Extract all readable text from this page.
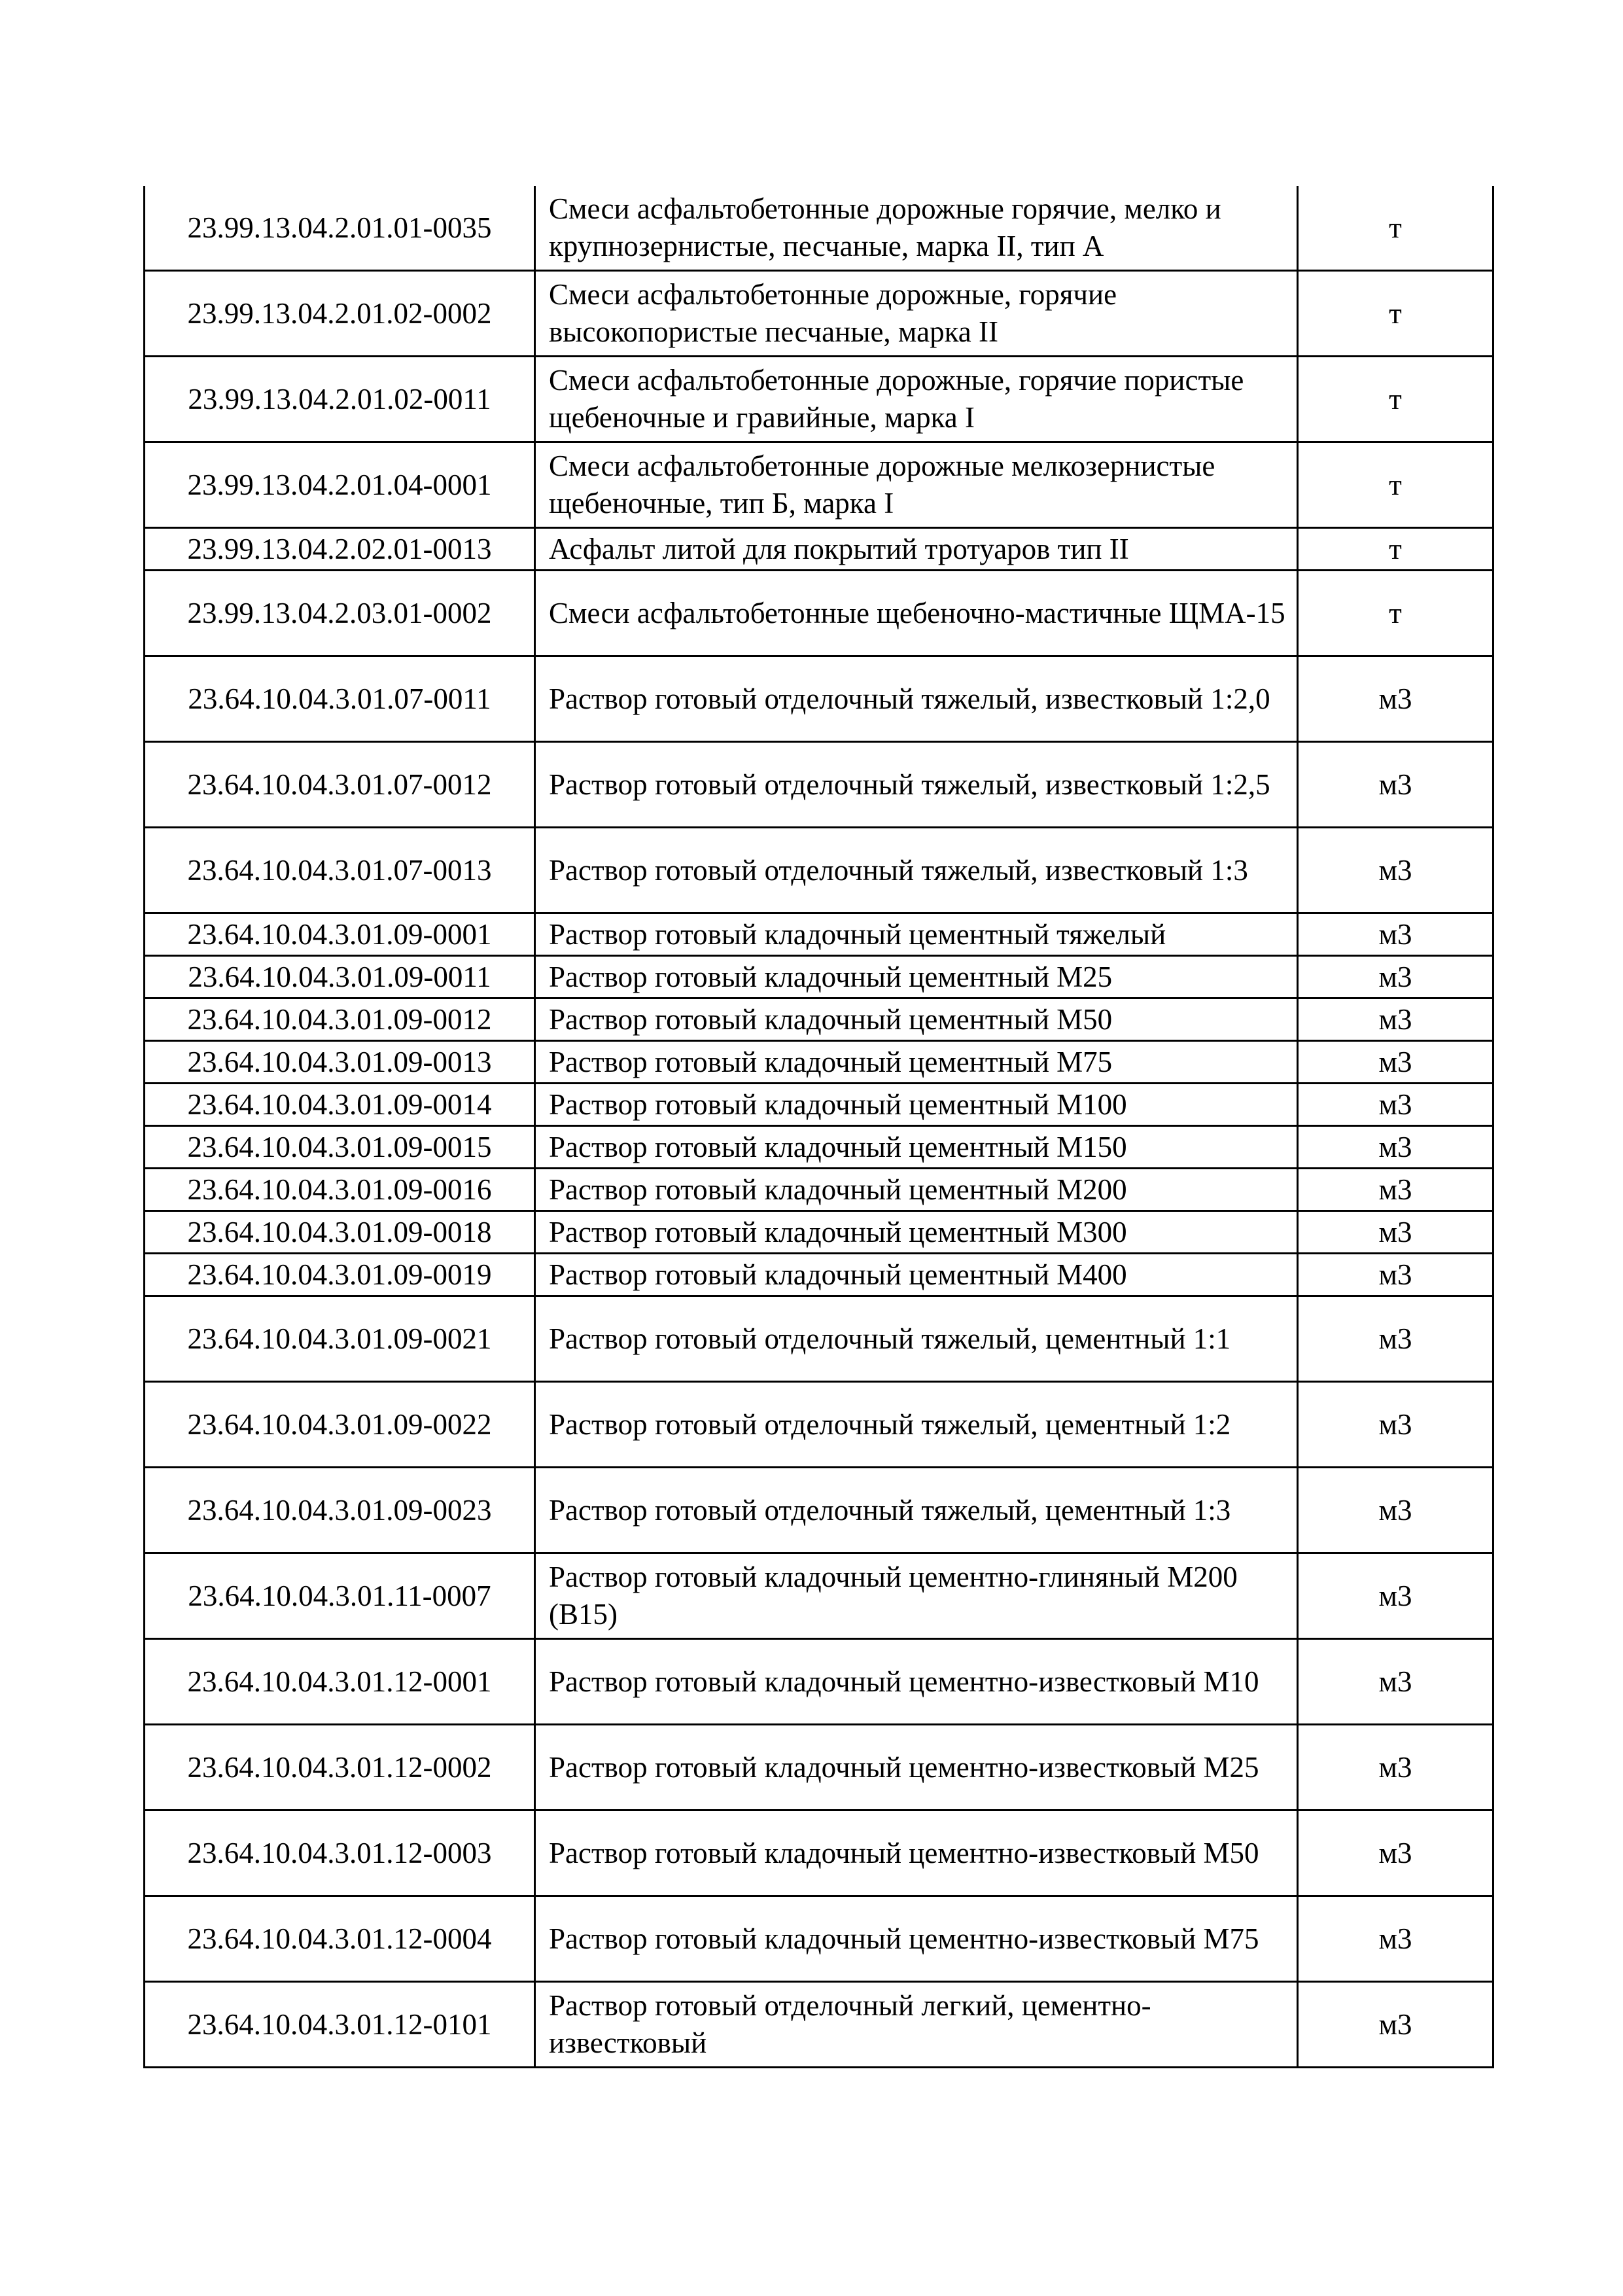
23.99.13.04.2.01.01-0035	Смеси асфальтобетонные дорожные горячие, мелко и крупнозернистые, песчаные, марка II, тип А	т
23.99.13.04.2.01.02-0002	Смеси асфальтобетонные дорожные, горячие высокопористые песчаные, марка II	т
23.99.13.04.2.01.02-0011	Смеси асфальтобетонные дорожные, горячие пористые щебеночные и гравийные, марка I	т
23.99.13.04.2.01.04-0001	Смеси асфальтобетонные дорожные мелкозернистые щебеночные, тип Б, марка I	т
23.99.13.04.2.02.01-0013	Асфальт литой для покрытий тротуаров тип II	т
23.99.13.04.2.03.01-0002	Смеси асфальтобетонные щебеночно-мастичные ЩМА-15	т
23.64.10.04.3.01.07-0011	Раствор готовый отделочный тяжелый, известковый 1:2,0	м3
23.64.10.04.3.01.07-0012	Раствор готовый отделочный тяжелый, известковый 1:2,5	м3
23.64.10.04.3.01.07-0013	Раствор готовый отделочный тяжелый, известковый 1:3	м3
23.64.10.04.3.01.09-0001	Раствор готовый кладочный цементный тяжелый	м3
23.64.10.04.3.01.09-0011	Раствор готовый кладочный цементный М25	м3
23.64.10.04.3.01.09-0012	Раствор готовый кладочный цементный М50	м3
23.64.10.04.3.01.09-0013	Раствор готовый кладочный цементный М75	м3
23.64.10.04.3.01.09-0014	Раствор готовый кладочный цементный М100	м3
23.64.10.04.3.01.09-0015	Раствор готовый кладочный цементный М150	м3
23.64.10.04.3.01.09-0016	Раствор готовый кладочный цементный М200	м3
23.64.10.04.3.01.09-0018	Раствор готовый кладочный цементный М300	м3
23.64.10.04.3.01.09-0019	Раствор готовый кладочный цементный М400	м3
23.64.10.04.3.01.09-0021	Раствор готовый отделочный тяжелый, цементный 1:1	м3
23.64.10.04.3.01.09-0022	Раствор готовый отделочный тяжелый, цементный 1:2	м3
23.64.10.04.3.01.09-0023	Раствор готовый отделочный тяжелый, цементный 1:3	м3
23.64.10.04.3.01.11-0007	Раствор готовый кладочный цементно-глиняный М200 (В15)	м3
23.64.10.04.3.01.12-0001	Раствор готовый кладочный цементно-известковый М10	м3
23.64.10.04.3.01.12-0002	Раствор готовый кладочный цементно-известковый М25	м3
23.64.10.04.3.01.12-0003	Раствор готовый кладочный цементно-известковый М50	м3
23.64.10.04.3.01.12-0004	Раствор готовый кладочный цементно-известковый М75	м3
23.64.10.04.3.01.12-0101	Раствор готовый отделочный легкий, цементно-известковый	м3
